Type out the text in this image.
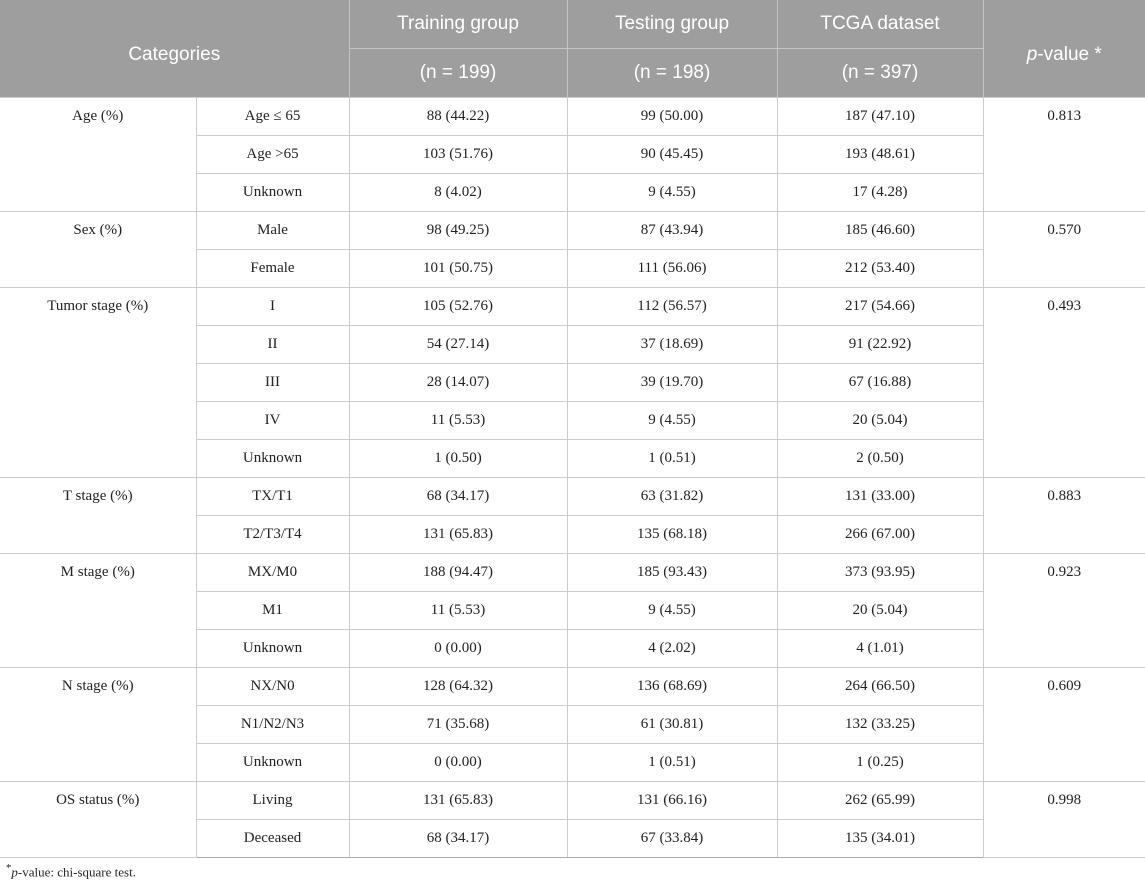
Categories		Training group	Testing group	TCGA dataset	p-value *
		(n = 199)	(n = 198)	(n = 397)	
Age (%)	Age ≤ 65	88 (44.22)	99 (50.00)	187 (47.10)	0.813
	Age >65	103 (51.76)	90 (45.45)	193 (48.61)	
	Unknown	8 (4.02)	9 (4.55)	17 (4.28)	
Sex (%)	Male	98 (49.25)	87 (43.94)	185 (46.60)	0.570
	Female	101 (50.75)	111 (56.06)	212 (53.40)	
Tumor stage (%)	I	105 (52.76)	112 (56.57)	217 (54.66)	0.493
	II	54 (27.14)	37 (18.69)	91 (22.92)	
	III	28 (14.07)	39 (19.70)	67 (16.88)	
	IV	11 (5.53)	9 (4.55)	20 (5.04)	
	Unknown	1 (0.50)	1 (0.51)	2 (0.50)	
T stage (%)	TX/T1	68 (34.17)	63 (31.82)	131 (33.00)	0.883
	T2/T3/T4	131 (65.83)	135 (68.18)	266 (67.00)	
M stage (%)	MX/M0	188 (94.47)	185 (93.43)	373 (93.95)	0.923
	M1	11 (5.53)	9 (4.55)	20 (5.04)	
	Unknown	0 (0.00)	4 (2.02)	4 (1.01)	
N stage (%)	NX/N0	128 (64.32)	136 (68.69)	264 (66.50)	0.609
	N1/N2/N3	71 (35.68)	61 (30.81)	132 (33.25)	
	Unknown	0 (0.00)	1 (0.51)	1 (0.25)	
OS status (%)	Living	131 (65.83)	131 (66.16)	262 (65.99)	0.998
	Deceased	68 (34.17)	67 (33.84)	135 (34.01)	
*p-value: chi-square test.
